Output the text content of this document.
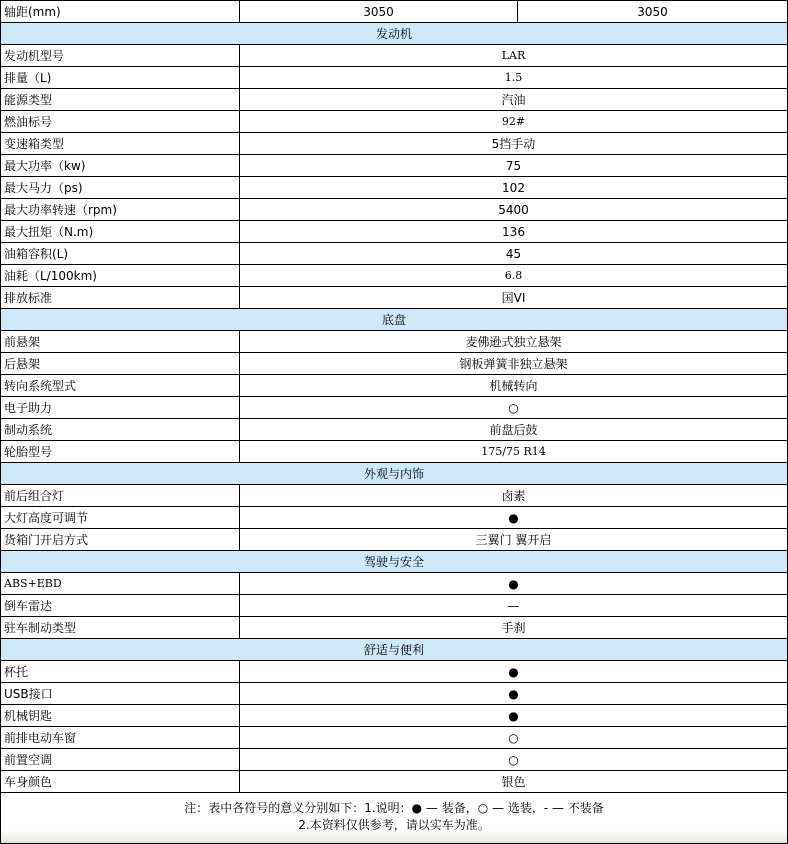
轴距(mm)	3050	3050
发动机		
发动机型号	LAR	
排量（L)	1.5	
能源类型	汽油	
燃油标号	92#	
变速箱类型	5挡手动	
最大功率（kw)	75	
最大马力（ps)	102	
最大功率转速（rpm)	5400	
最大扭矩（N.m)	136	
油箱容积(L)	45	
油耗（L/100km)	6.8	
排放标准	国VI	
底盘		
前悬架	麦佛逊式独立悬架	
后悬架	钢板弹簧非独立悬架	
转向系统型式	机械转向	
电子助力	○	
制动系统	前盘后鼓	
轮胎型号	175/75 R14	
外观与内饰		
前后组合灯	卤素	
大灯高度可调节	●	
货箱门开启方式	三翼门 翼开启	
驾驶与安全		
ABS+EBD	●	
倒车雷达	—	
驻车制动类型	手刹	
舒适与便利		
杯托	●	
USB接口	●	
机械钥匙	●	
前排电动车窗	○	
前置空调	○	
车身颜色	银色	

注：表中各符号的意义分别如下：1.说明：● — 装备，○ — 选装，- — 不装备
2.本资料仅供参考，请以实车为准。		
